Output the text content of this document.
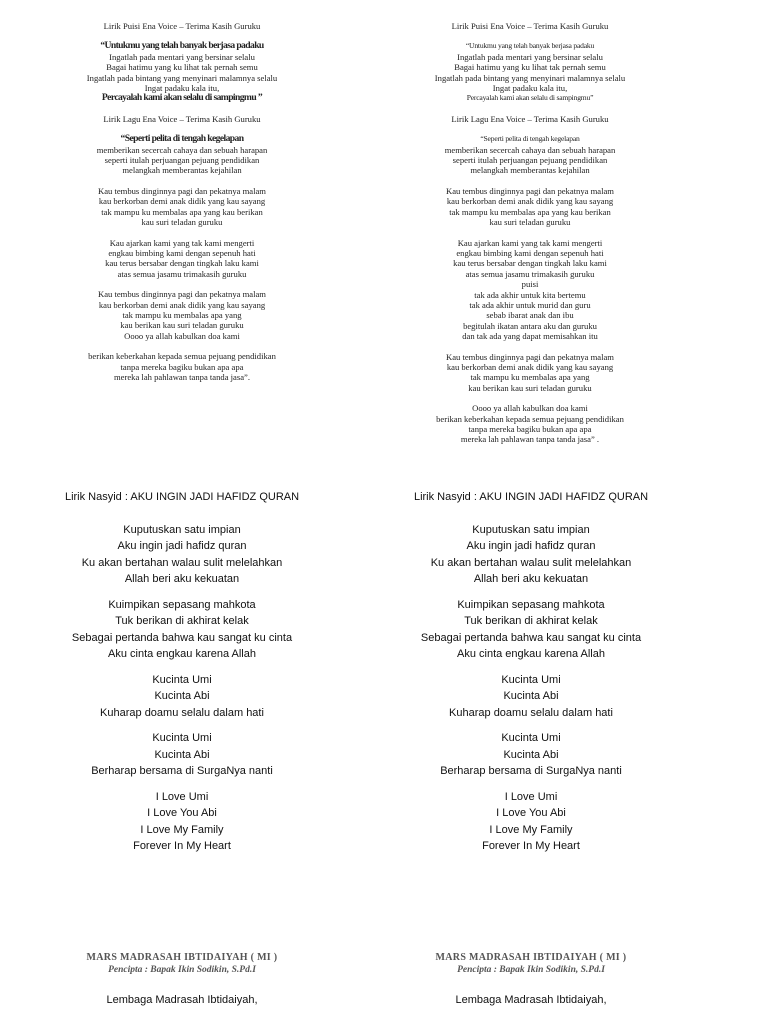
Lirik Puisi Ena Voice – Terima Kasih Guruku
“Untukmu yang telah banyak berjasa padaku
Ingatlah pada mentari yang bersinar selalu
Bagai hatimu yang ku lihat tak pernah semu
Ingatlah pada bintang yang menyinari malamnya selalu
Ingat padaku kala itu,
Percayalah kami akan selalu di sampingmu ”
Lirik Lagu Ena Voice – Terima Kasih Guruku
“Seperti pelita di tengah kegelapan
memberikan secercah cahaya dan sebuah harapan
seperti itulah perjuangan pejuang pendidikan
melangkah memberantas kejahilan
Kau tembus dinginnya pagi dan pekatnya malam
kau berkorban demi anak didik yang kau sayang
tak mampu ku membalas apa yang kau berikan
kau suri teladan guruku
Kau ajarkan kami yang tak kami mengerti
engkau bimbing kami dengan sepenuh hati
kau terus bersabar dengan tingkah laku kami
atas semua jasamu trimakasih guruku
Kau tembus dinginnya pagi dan pekatnya malam
kau berkorban demi anak didik yang kau sayang
tak mampu ku membalas apa yang
kau berikan kau suri teladan guruku
Oooo ya allah kabulkan doa kami
berikan keberkahan kepada semua pejuang pendidikan
tanpa mereka bagiku bukan apa apa
mereka lah pahlawan tanpa tanda jasa”.
Lirik Puisi Ena Voice – Terima Kasih Guruku
“Untukmu yang telah banyak berjasa padaku
Ingatlah pada mentari yang bersinar selalu
Bagai hatimu yang ku lihat tak pernah semu
Ingatlah pada bintang yang menyinari malamnya selalu
Ingat padaku kala itu,
Percayalah kami akan selalu di sampingmu”
Lirik Lagu Ena Voice – Terima Kasih Guruku
“Seperti pelita di tengah kegelapan
memberikan secercah cahaya dan sebuah harapan
seperti itulah perjuangan pejuang pendidikan
melangkah memberantas kejahilan
Kau tembus dinginnya pagi dan pekatnya malam
kau berkorban demi anak didik yang kau sayang
tak mampu ku membalas apa yang kau berikan
kau suri teladan guruku
Kau ajarkan kami yang tak kami mengerti
engkau bimbing kami dengan sepenuh hati
kau terus bersabar dengan tingkah laku kami
atas semua jasamu trimakasih guruku
puisi
tak ada akhir untuk kita bertemu
tak ada akhir untuk murid dan guru
sebab ibarat anak dan ibu
begitulah ikatan antara aku dan guruku
dan tak ada yang dapat memisahkan itu
Kau tembus dinginnya pagi dan pekatnya malam
kau berkorban demi anak didik yang kau sayang
tak mampu ku membalas apa yang
kau berikan kau suri teladan guruku
Oooo ya allah kabulkan doa kami
berikan keberkahan kepada semua pejuang pendidikan
tanpa mereka bagiku bukan apa apa
mereka lah pahlawan tanpa tanda jasa” .
Lirik Nasyid : AKU INGIN JADI HAFIDZ QURAN
Kuputuskan satu impian
Aku ingin jadi hafidz quran
Ku akan bertahan walau sulit melelahkan
Allah beri aku kekuatan
Kuimpikan sepasang mahkota
Tuk berikan di akhirat kelak
Sebagai pertanda bahwa kau sangat ku cinta
Aku cinta engkau karena Allah
Kucinta Umi
Kucinta Abi
Kuharap doamu selalu dalam hati
Kucinta Umi
Kucinta Abi
Berharap bersama di SurgaNya nanti
I Love Umi
I Love You Abi
I Love My Family
Forever In My Heart
Lirik Nasyid : AKU INGIN JADI HAFIDZ QURAN
Kuputuskan satu impian
Aku ingin jadi hafidz quran
Ku akan bertahan walau sulit melelahkan
Allah beri aku kekuatan
Kuimpikan sepasang mahkota
Tuk berikan di akhirat kelak
Sebagai pertanda bahwa kau sangat ku cinta
Aku cinta engkau karena Allah
Kucinta Umi
Kucinta Abi
Kuharap doamu selalu dalam hati
Kucinta Umi
Kucinta Abi
Berharap bersama di SurgaNya nanti
I Love Umi
I Love You Abi
I Love My Family
Forever In My Heart
MARS MADRASAH IBTIDAIYAH ( MI )
Pencipta : Bapak Ikin Sodikin, S.Pd.I
Lembaga Madrasah Ibtidaiyah,
MARS MADRASAH IBTIDAIYAH ( MI )
Pencipta : Bapak Ikin Sodikin, S.Pd.I
Lembaga Madrasah Ibtidaiyah,
